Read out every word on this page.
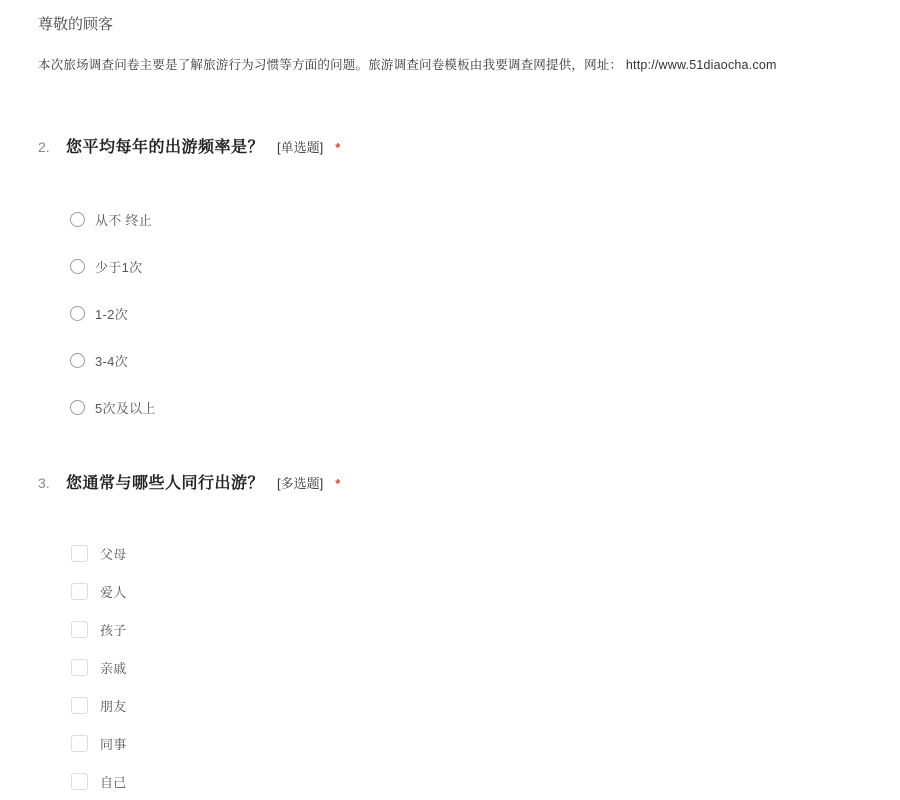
尊敬的顾客
本次旅场调查问卷主要是了解旅游行为习惯等方面的问题。旅游调查问卷模板由我要调查网提供，网址： http://www.51diaocha.com
2.	您平均每年的出游频率是？ [单选题] *
从不 终止
少于1次
1-2次
3-4次
5次及以上
3.	您通常与哪些人同行出游？ [多选题] *
父母
爱人
孩子
亲戚
朋友
同事
自己
